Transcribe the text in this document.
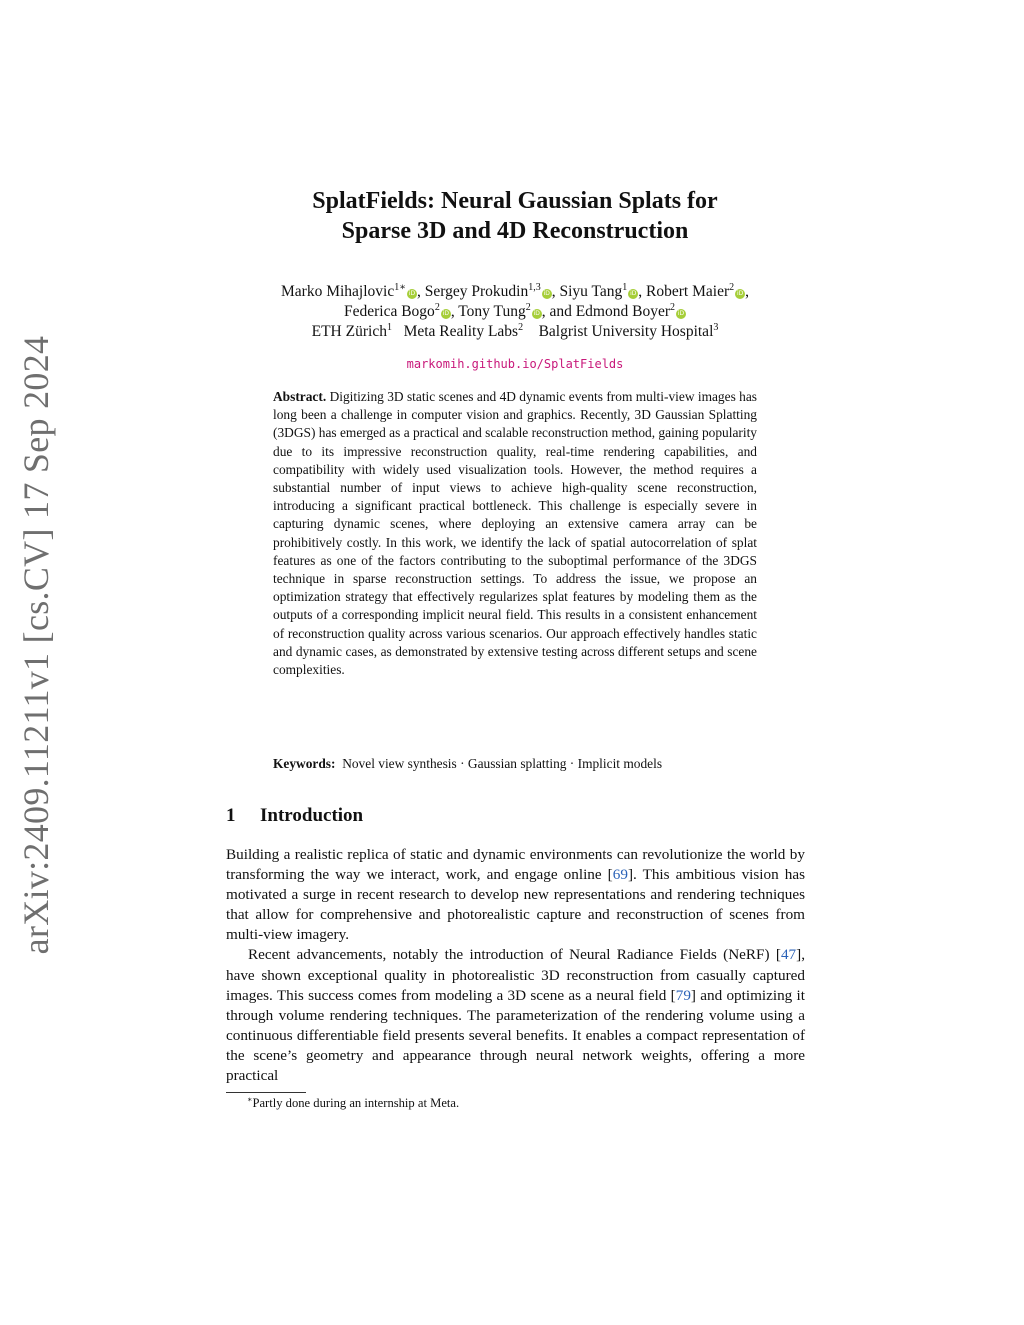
arXiv:2409.11211v1 [cs.CV] 17 Sep 2024
SplatFields: Neural Gaussian Splats for
Sparse 3D and 4D Reconstruction
Marko Mihajlovic$^{1∗}$iD , Sergey Prokudin$^{1,3}$iD , Siyu Tang$^1$iD , Robert Maier$^2$iD ,
Federica Bogo$^2$iD , Tony Tung$^2$iD , and Edmond Boyer$^2$iD
ETH Zürich$^1$ Meta Reality Labs$^2$ Balgrist University Hospital$^3$
markomih.github.io/SplatFields
Abstract. Digitizing 3D static scenes and 4D dynamic events from multi-view images has long been a challenge in computer vision and graphics. Recently, 3D Gaussian Splatting (3DGS) has emerged as a practical and scalable reconstruction method, gaining popularity due to its impressive reconstruction quality, real-time rendering capabilities, and compatibility with widely used visualization tools. However, the method requires a substantial number of input views to achieve high-quality scene reconstruction, introducing a significant practical bottleneck. This challenge is especially severe in capturing dynamic scenes, where deploying an extensive camera array can be prohibitively costly. In this work, we identify the lack of spatial autocorrelation of splat features as one of the factors contributing to the suboptimal performance of the 3DGS technique in sparse reconstruction settings. To address the issue, we propose an optimization strategy that effectively regularizes splat features by modeling them as the outputs of a corresponding implicit neural field. This results in a consistent enhancement of reconstruction quality across various scenarios. Our approach effectively handles static and dynamic cases, as demonstrated by extensive testing across different setups and scene complexities.
Keywords: Novel view synthesis · Gaussian splatting · Implicit models
1 Introduction

Building a realistic replica of static and dynamic environments can revolutionize the world by transforming the way we interact, work, and engage online [69]. This ambitious vision has motivated a surge in recent research to develop new representations and rendering techniques that allow for comprehensive and photorealistic capture and reconstruction of scenes from multi-view imagery.

Recent advancements, notably the introduction of Neural Radiance Fields (NeRF) [47], have shown exceptional quality in photorealistic 3D reconstruction from casually captured images. This success comes from modeling a 3D scene as a neural field [79] and optimizing it through volume rendering techniques. The parameterization of the rendering volume using a continuous differentiable field presents several benefits. It enables a compact representation of the scene’s geometry and appearance through neural network weights, offering a more practical

∗Partly done during an internship at Meta.
